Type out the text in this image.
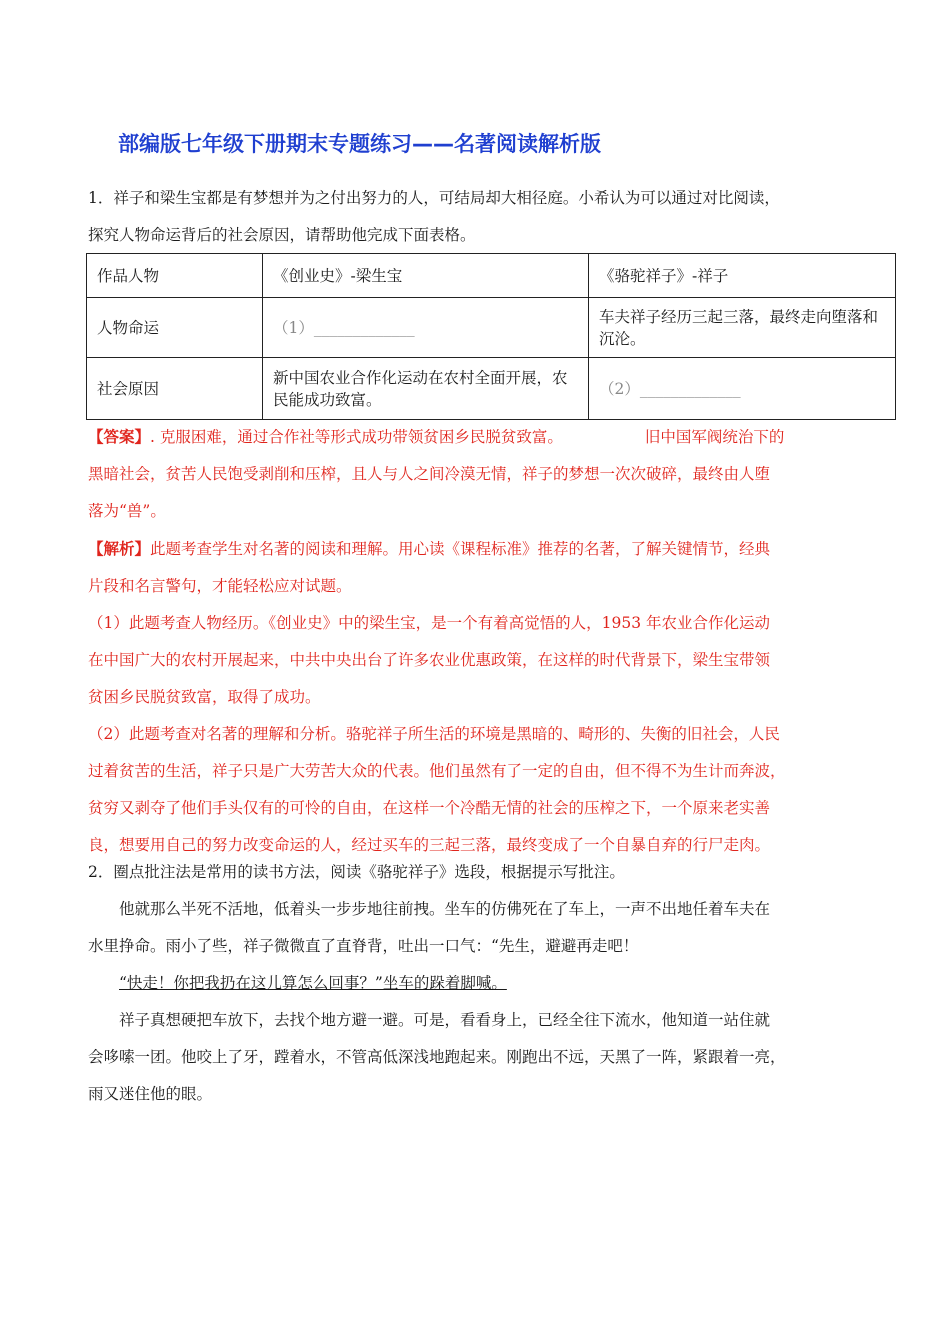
部编版七年级下册期末专题练习——名著阅读解析版
1．祥子和梁生宝都是有梦想并为之付出努力的人，可结局却大相径庭。小希认为可以通过对比阅读，
探究人物命运背后的社会原因，请帮助他完成下面表格。
作品人物	《创业史》-梁生宝	《骆驼祥子》-祥子
人物命运	（1）_____________	车夫祥子经历三起三落，最终走向堕落和沉沦。
社会原因	新中国农业合作化运动在农村全面开展，农民能成功致富。	（2）_____________
【答案】. 克服困难，通过合作社等形式成功带领贫困乡民脱贫致富。	旧中国军阀统治下的
黑暗社会，贫苦人民饱受剥削和压榨，且人与人之间冷漠无情，祥子的梦想一次次破碎，最终由人堕
落为“兽”。
【解析】此题考查学生对名著的阅读和理解。用心读《课程标准》推荐的名著，了解关键情节，经典
片段和名言警句，才能轻松应对试题。
（1）此题考查人物经历。《创业史》中的梁生宝，是一个有着高觉悟的人，1953 年农业合作化运动
在中国广大的农村开展起来，中共中央出台了许多农业优惠政策，在这样的时代背景下，梁生宝带领
贫困乡民脱贫致富，取得了成功。
（2）此题考查对名著的理解和分析。骆驼祥子所生活的环境是黑暗的、畸形的、失衡的旧社会，人民
过着贫苦的生活，祥子只是广大劳苦大众的代表。他们虽然有了一定的自由，但不得不为生计而奔波，
贫穷又剥夺了他们手头仅有的可怜的自由，在这样一个冷酷无情的社会的压榨之下，一个原来老实善
良，想要用自己的努力改变命运的人，经过买车的三起三落，最终变成了一个自暴自弃的行尸走肉。
2．圈点批注法是常用的读书方法，阅读《骆驼祥子》选段，根据提示写批注。
他就那么半死不活地，低着头一步步地往前拽。坐车的仿佛死在了车上，一声不出地任着车夫在
水里挣命。雨小了些，祥子微微直了直脊背，吐出一口气：“先生，避避再走吧！
“快走！你把我扔在这儿算怎么回事？”坐车的跺着脚喊。
祥子真想硬把车放下，去找个地方避一避。可是，看看身上，已经全往下流水，他知道一站住就
会哆嗦一团。他咬上了牙，蹚着水，不管高低深浅地跑起来。刚跑出不远，天黑了一阵，紧跟着一亮，
雨又迷住他的眼。
